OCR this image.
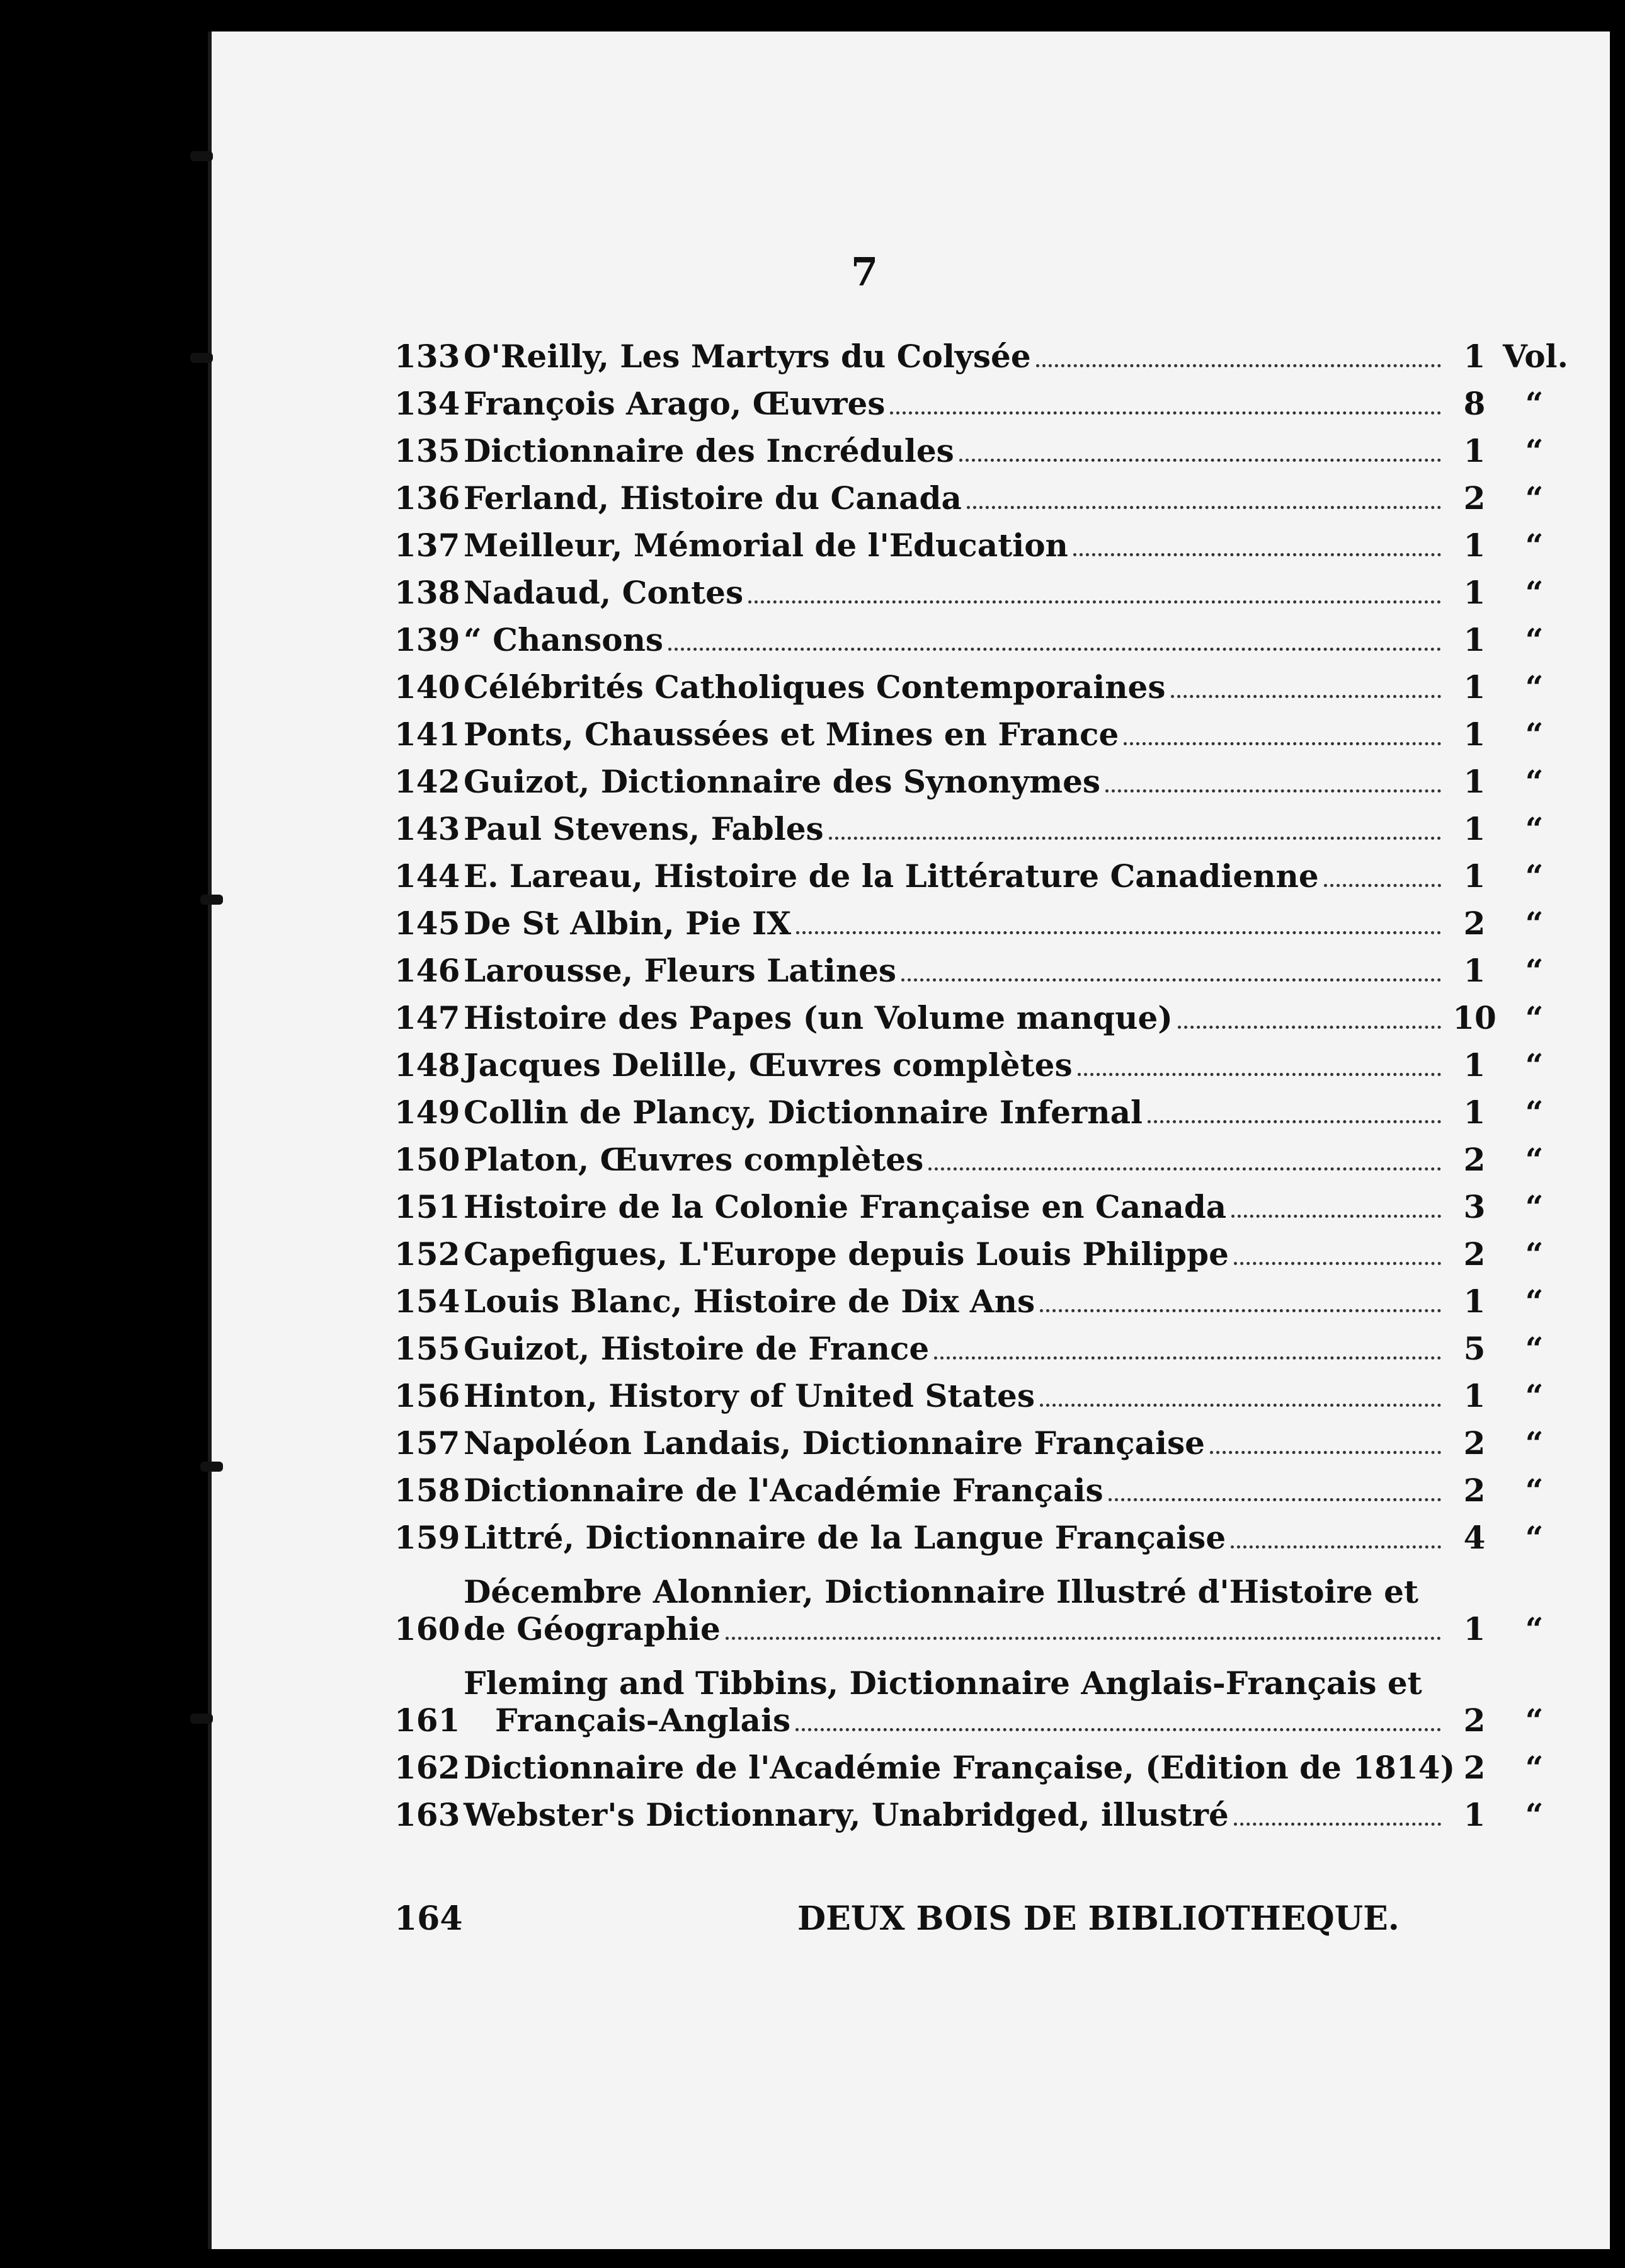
7
133 O'Reilly, Les Martyrs du Colysée	1 Vol.
134 François Arago, Œuvres	8	“
135 Dictionnaire des Incrédules	1	“
136 Ferland, Histoire du Canada	2	“
137 Meilleur, Mémorial de l'Education	1	“
138 Nadaud, Contes	1	“
139 “ Chansons	1	“
140 Célébrités Catholiques Contemporaines	1	“
141 Ponts, Chaussées et Mines en France	1	“
142 Guizot, Dictionnaire des Synonymes	1	“
143 Paul Stevens, Fables	1	“
144 E. Lareau, Histoire de la Littérature Canadienne	1	“
145 De St Albin, Pie IX	2	“
146 Larousse, Fleurs Latines	1	“
147 Histoire des Papes (un Volume manque)	10 “
148 Jacques Delille, Œuvres complètes	1	“
149 Collin de Plancy, Dictionnaire Infernal	1	“
150 Platon, Œuvres complètes	2	“
151 Histoire de la Colonie Française en Canada	3	“
152 Capefigues, L'Europe depuis Louis Philippe	2	“
154 Louis Blanc, Histoire de Dix Ans	1	“
155 Guizot, Histoire de France	5	“
156 Hinton, History of United States	1	“
157 Napoléon Landais, Dictionnaire Française	2	“
158 Dictionnaire de l'Académie Français	2	“
159 Littré, Dictionnaire de la Langue Française	4	“
160
Décembre Alonnier, Dictionnaire Illustré d'Histoire et
de Géographie	1	“
161
Fleming and Tibbins, Dictionnaire Anglais-Français et
Français-Anglais	2	“
162 Dictionnaire de l'Académie Française, (Edition de 1814) 2	“
163 Webster's Dictionnary, Unabridged, illustré	1	“
164	DEUX BOIS DE BIBLIOTHEQUE.
